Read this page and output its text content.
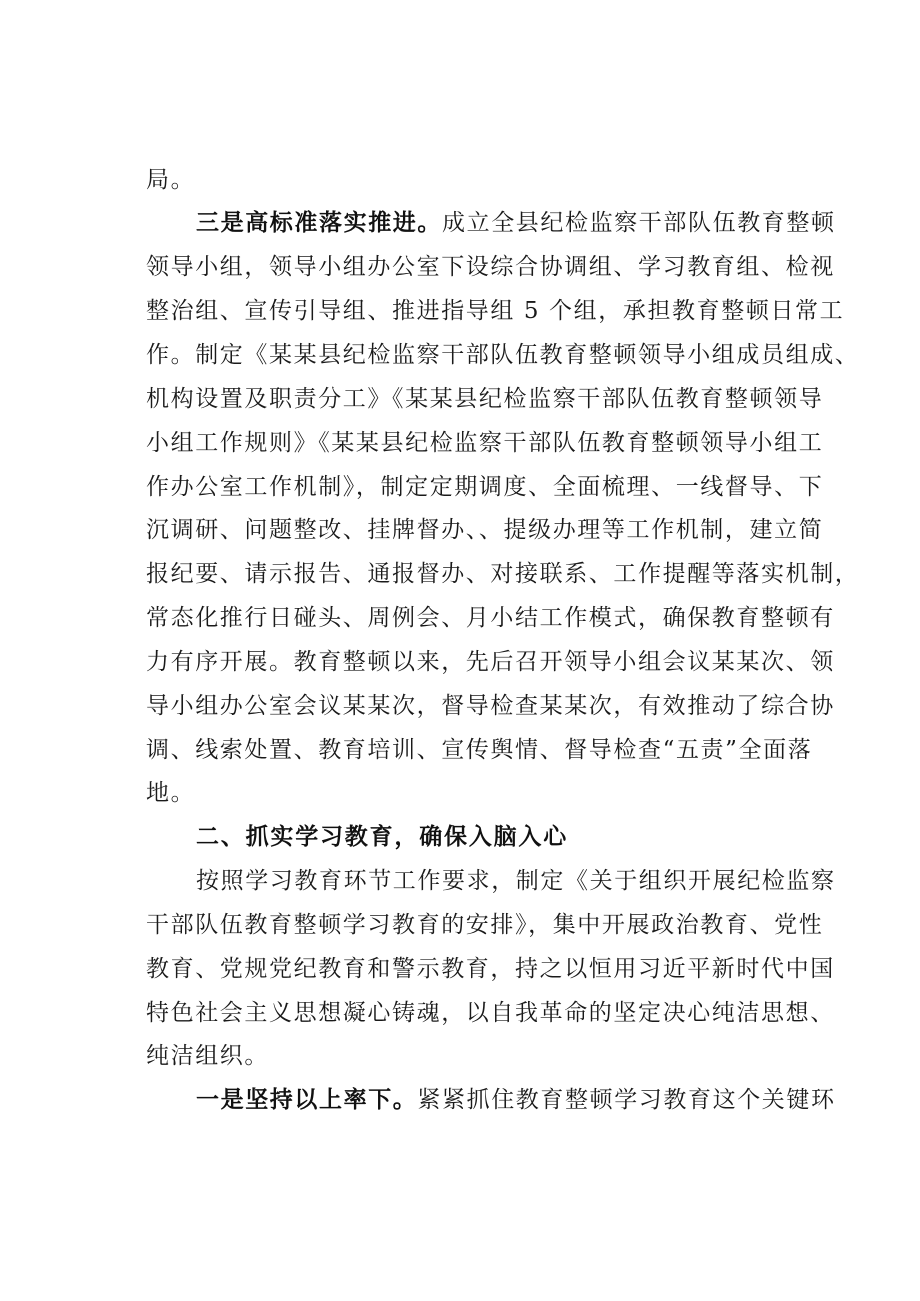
局。
三是高标准落实推进。成立全县纪检监察干部队伍教育整顿
领导小组，领导小组办公室下设综合协调组、学习教育组、检视
整治组、宣传引导组、推进指导组 5 个组，承担教育整顿日常工
作。制定《某某县纪检监察干部队伍教育整顿领导小组成员组成、
机构设置及职责分工》《某某县纪检监察干部队伍教育整顿领导
小组工作规则》《某某县纪检监察干部队伍教育整顿领导小组工
作办公室工作机制》，制定定期调度、全面梳理、一线督导、下
沉调研、问题整改、挂牌督办、、提级办理等工作机制，建立简
报纪要、请示报告、通报督办、对接联系、工作提醒等落实机制，
常态化推行日碰头、周例会、月小结工作模式，确保教育整顿有
力有序开展。教育整顿以来，先后召开领导小组会议某某次、领
导小组办公室会议某某次，督导检查某某次，有效推动了综合协
调、线索处置、教育培训、宣传舆情、督导检查“五责”全面落
地。
二、抓实学习教育，确保入脑入心
按照学习教育环节工作要求，制定《关于组织开展纪检监察
干部队伍教育整顿学习教育的安排》，集中开展政治教育、党性
教育、党规党纪教育和警示教育，持之以恒用习近平新时代中国
特色社会主义思想凝心铸魂，以自我革命的坚定决心纯洁思想、
纯洁组织。
一是坚持以上率下。紧紧抓住教育整顿学习教育这个关键环
